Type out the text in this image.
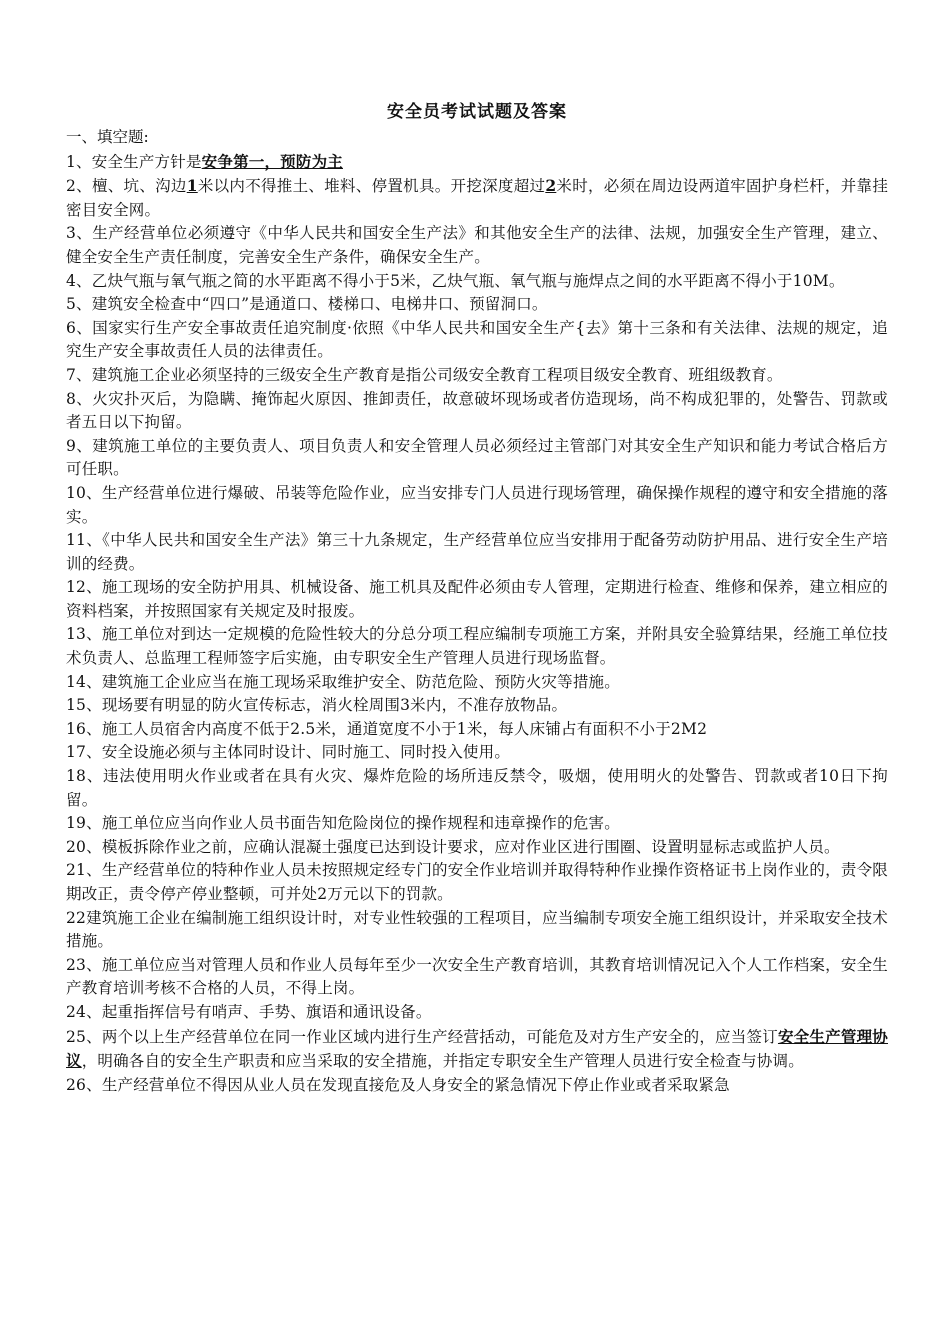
安全员考试试题及答案
一、填空题:

1、安全生产方针是安争第一，预防为主

2、檀、坑、沟边1米以内不得推土、堆料、停置机具。开挖深度超过2米时，必须在周边设两道牢固护身栏杆，并靠挂密目安全网。

3、生产经营单位必须遵守《中华人民共和国安全生产法》和其他安全生产的法律、法规，加强安全生产管理，建立、健全安全生产责任制度，完善安全生产条件，确保安全生产。

4、乙炔气瓶与氧气瓶之简的水平距离不得小于5米，乙炔气瓶、氧气瓶与施焊点之间的水平距离不得小于10M。

5、建筑安全检查中“四口”是通道口、楼梯口、电梯井口、预留洞口。

6、国家实行生产安全事故责任追究制度·依照《中华人民共和国安全生产{去》第十三条和有关法律、法规的规定，追究生产安全事故责任人员的法律责任。

7、建筑施工企业必须坚持的三级安全生产教育是指公司级安全教育工程项目级安全教育、班组级教育。

8、火灾扑灭后，为隐瞒、掩饰起火原因、推卸责任，故意破坏现场或者仿造现场，尚不构成犯罪的，处警告、罚款或者五日以下拘留。

9、建筑施工单位的主要负责人、项目负责人和安全管理人员必须经过主管部门对其安全生产知识和能力考试合格后方可任职。

10、生产经营单位进行爆破、吊装等危险作业，应当安排专门人员进行现场管理，确保操作规程的遵守和安全措施的落实。

11、《中华人民共和国安全生产法》第三十九条规定，生产经营单位应当安排用于配备劳动防护用品、进行安全生产培训的经费。

12、施工现场的安全防护用具、机械设备、施工机具及配件必须由专人管理，定期进行检查、维修和保养，建立相应的资料档案，并按照国家有关规定及时报废。

13、施工单位对到达一定规模的危险性较大的分总分项工程应编制专项施工方案，并附具安全验算结果，经施工单位技术负责人、总监理工程师签字后实施，由专职安全生产管理人员进行现场监督。

14、建筑施工企业应当在施工现场采取维护安全、防范危险、预防火灾等措施。

15、现场要有明显的防火宣传标志，消火栓周围3米内，不准存放物品。

16、施工人员宿舍内高度不低于2.5米，通道宽度不小于1米，每人床铺占有面积不小于2M2

17、安全设施必须与主体同时设计、同时施工、同时投入使用。

18、违法使用明火作业或者在具有火灾、爆炸危险的场所违反禁令，吸烟，使用明火的处警告、罚款或者10日下拘留。

19、施工单位应当向作业人员书面告知危险岗位的操作规程和违章操作的危害。

20、模板拆除作业之前，应确认混凝土强度已达到设计要求，应对作业区进行围圈、设置明显标志或监护人员。

21、生产经营单位的特种作业人员未按照规定经专门的安全作业培训并取得特种作业操作资格证书上岗作业的，责令限期改正，责令停产停业整顿，可并处2万元以下的罚款。

22建筑施工企业在编制施工组织设计时，对专业性较强的工程项目，应当编制专项安全施工组织设计，并采取安全技术措施。

23、施工单位应当对管理人员和作业人员每年至少一次安全生产教育培训，其教育培训情况记入个人工作档案，安全生产教育培训考核不合格的人员，不得上岗。

24、起重指挥信号有哨声、手势、旗语和通讯设备。

25、两个以上生产经营单位在同一作业区域内进行生产经营括动，可能危及对方生产安全的，应当签订安全生产管理协议，明确各自的安全生产职责和应当采取的安全措施，并指定专职安全生产管理人员进行安全检查与协调。

26、生产经营单位不得因从业人员在发现直接危及人身安全的紧急情况下停止作业或者采取紧急
